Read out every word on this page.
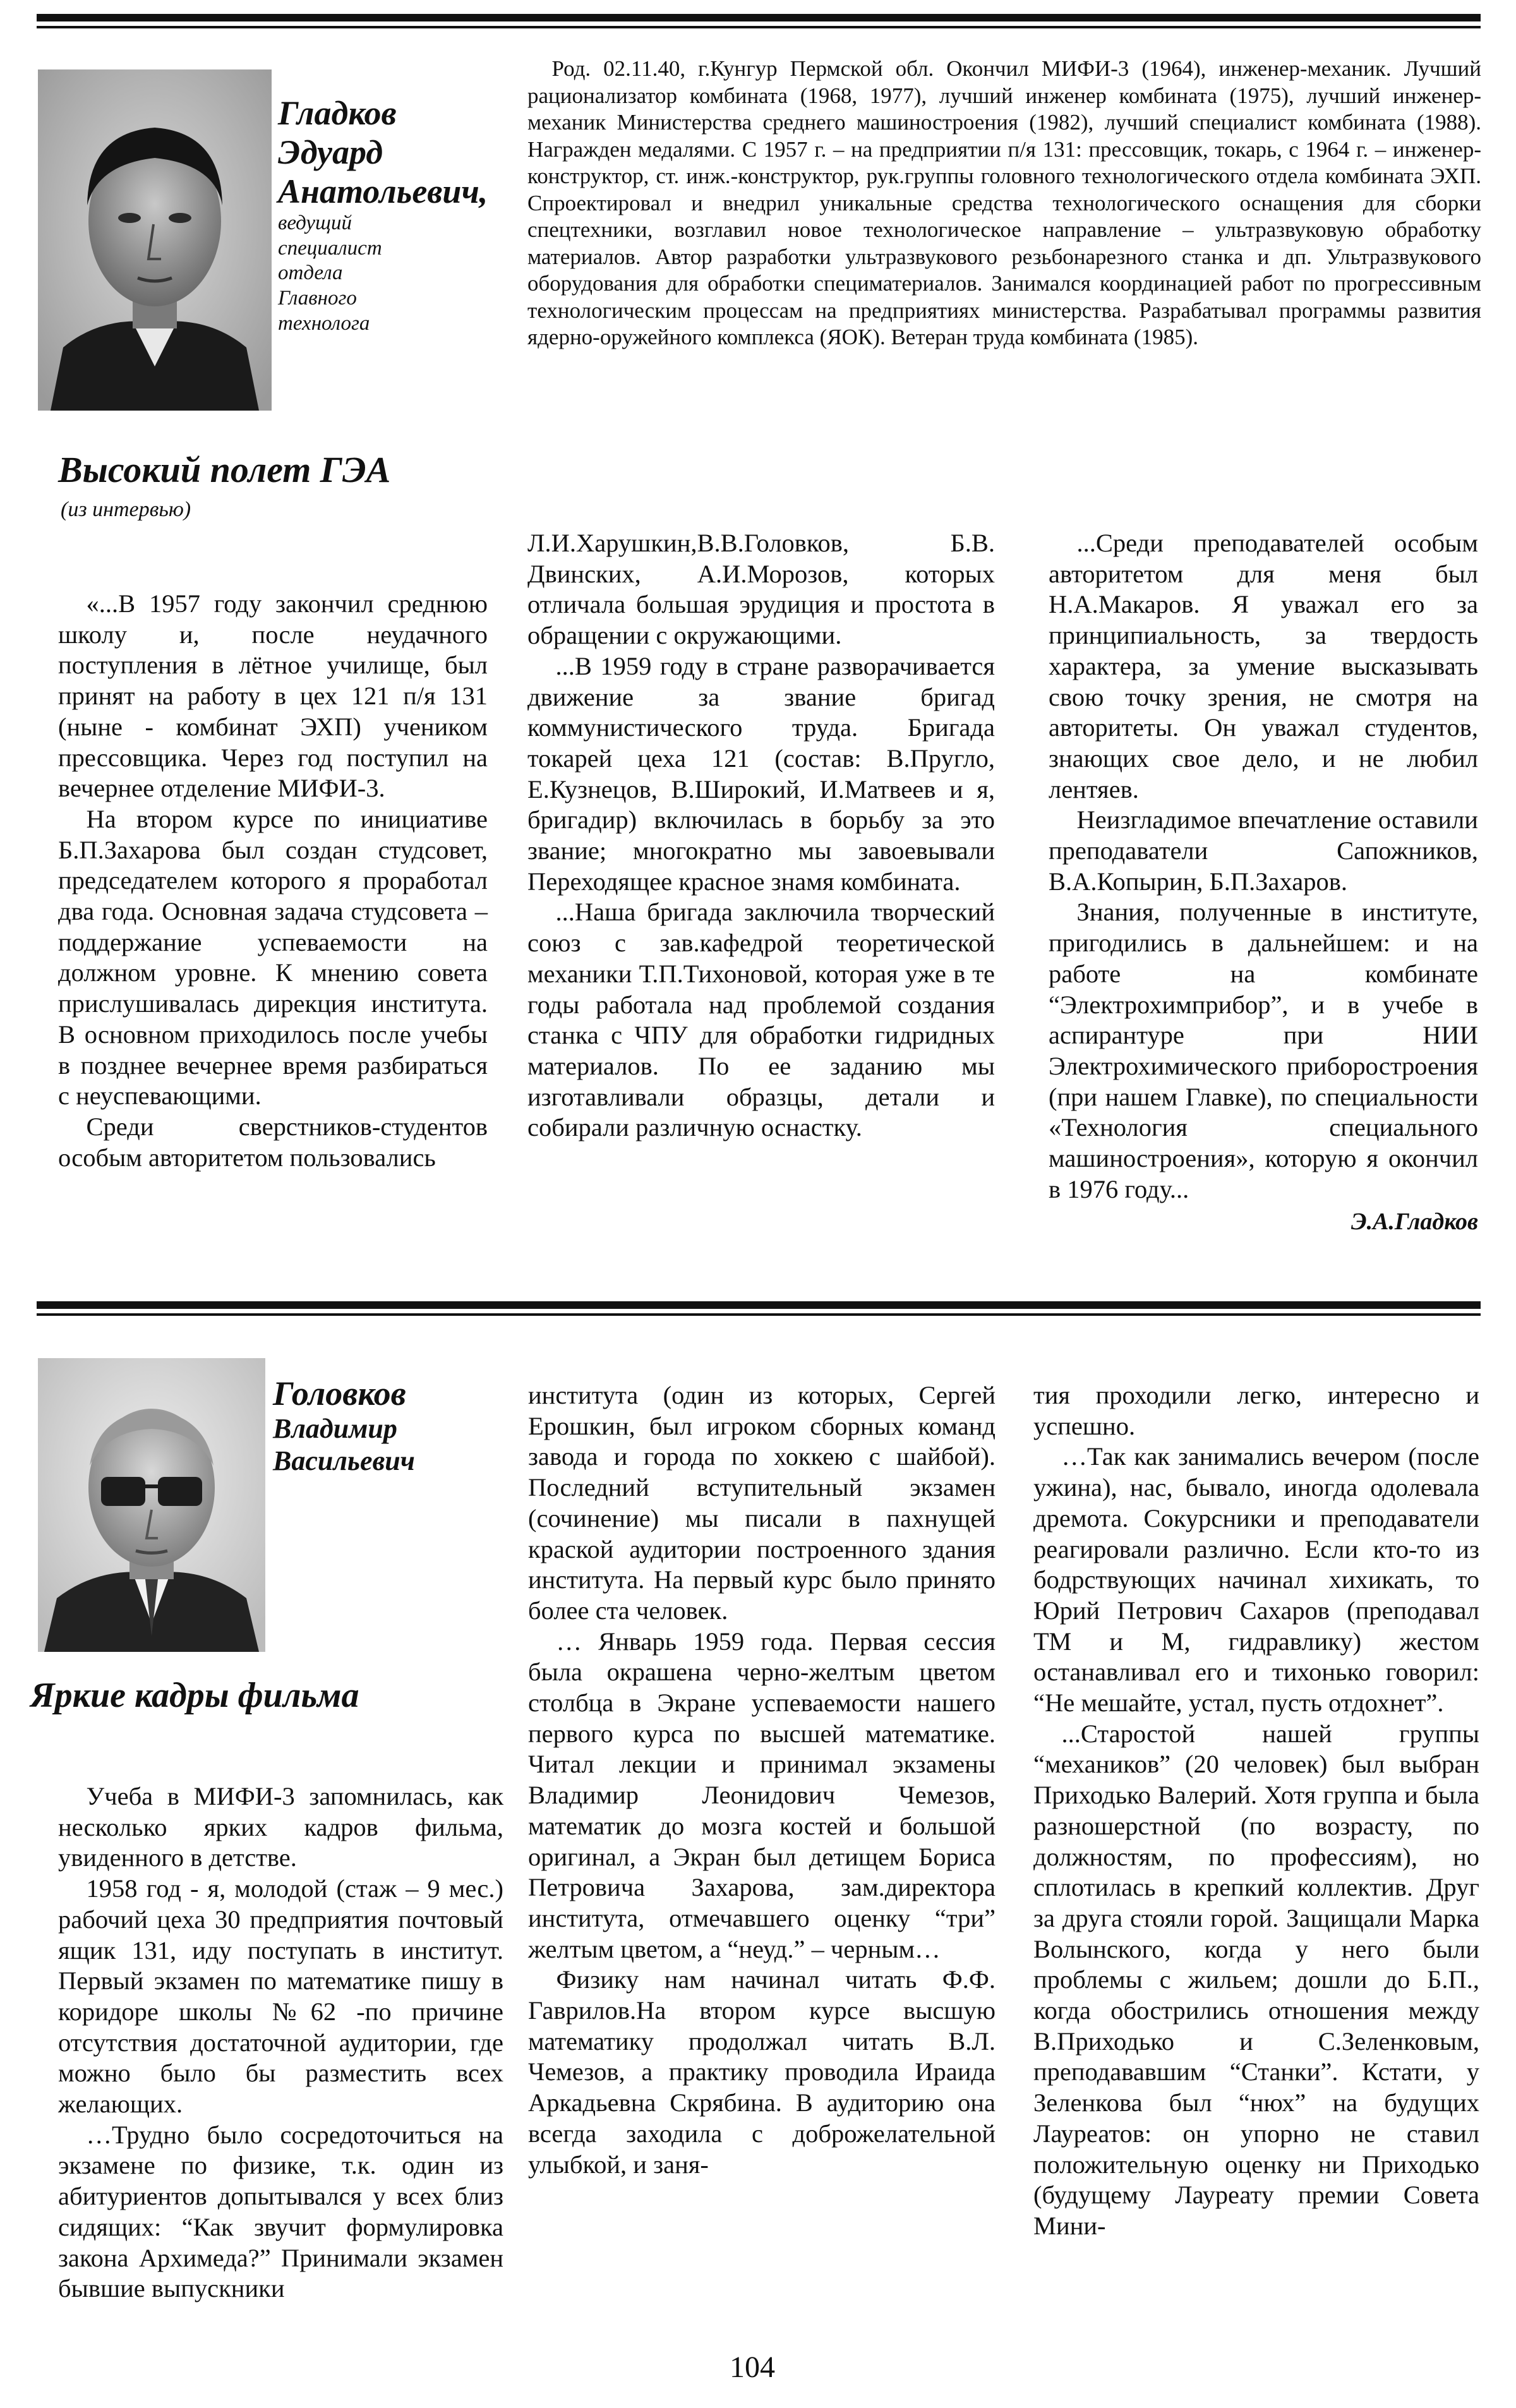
Гладков
Эдуард
Анатольевич,
ведущий
специалист
отдела
Главного
технолога
Высокий полет ГЭА
(из интервью)

Род. 02.11.40, г.Кунгур Пермской обл. Окончил МИФИ-3 (1964), инженер-механик. Лучший рационализатор комбината (1968, 1977), лучший инженер комбината (1975), лучший инженер-механик Министерства среднего машиностроения (1982), лучший специалист комбината (1988). Награжден медалями. С 1957 г. – на предприятии п/я 131: прессовщик, токарь, с 1964 г. – инженер-конструктор, ст. инж.-конструктор, рук.группы головного технологического отдела комбината ЭХП. Спроектировал и внедрил уникальные средства технологического оснащения для сборки спецтехники, возглавил новое технологическое направление – ультразвуковую обработку материалов. Автор разработки ультразвукового резьбонарезного станка и дп. Ультразвукового оборудования для обработки специматериалов. Занимался координацией работ по прогрессивным технологическим процессам на предприятиях министерства. Разрабатывал программы развития ядерно-оружейного комплекса (ЯОК). Ветеран труда комбината (1985).

«...В 1957 году закончил среднюю школу и, после неудачного поступления в лётное училище, был принят на работу в цех 121 п/я 131 (ныне - комбинат ЭХП) учеником прессовщика. Через год поступил на вечернее отделение МИФИ-3.

На втором курсе по инициативе Б.П.Захарова был создан студсовет, председателем которого я проработал два года. Основная задача студсовета – поддержание успеваемости на должном уровне. К мнению совета прислушивалась дирекция института. В основном приходилось после учебы в позднее вечернее время разбираться с неуспевающими.

Среди сверстников-студентов особым авторитетом пользовались

Л.И.Харушкин,В.В.Головков, Б.В. Двинских, А.И.Морозов, которых отличала большая эрудиция и простота в обращении с окружающими.

...В 1959 году в стране разворачивается движение за звание бригад коммунистического труда. Бригада токарей цеха 121 (состав: В.Пругло, Е.Кузнецов, В.Широкий, И.Матвеев и я, бригадир) включилась в борьбу за это звание; многократно мы завоевывали Переходящее красное знамя комбината.

...Наша бригада заключила творческий союз с зав.кафедрой теоретической механики Т.П.Тихоновой, которая уже в те годы работала над проблемой создания станка с ЧПУ для обработки гидридных материалов. По ее заданию мы изготавливали образцы, детали и собирали различную оснастку.

...Среди преподавателей особым авторитетом для меня был Н.А.Макаров. Я уважал его за принципиальность, за твердость характера, за умение высказывать свою точку зрения, не смотря на авторитеты. Он уважал студентов, знающих свое дело, и не любил лентяев.

Неизгладимое впечатление оставили преподаватели Сапожников, В.А.Копырин, Б.П.Захаров.

Знания, полученные в институте, пригодились в дальнейшем: и на работе на комбинате “Электрохимприбор”, и в учебе в аспирантуре при НИИ Электрохимического приборостроения (при нашем Главке), по специальности «Технология специального машиностроения», которую я окончил в 1976 году...

Э.А.Гладков
Головков
Владимир
Васильевич
Яркие кадры фильма

Учеба в МИФИ-3 запомнилась, как несколько ярких кадров фильма, увиденного в детстве.

1958 год - я, молодой (стаж – 9 мес.) рабочий цеха 30 предприятия почтовый ящик 131, иду поступать в институт. Первый экзамен по математике пишу в коридоре школы №62 -по причине отсутствия достаточной аудитории, где можно было бы разместить всех желающих.

…Трудно было сосредоточиться на экзамене по физике, т.к. один из абитуриентов допытывался у всех близ сидящих: “Как звучит формулировка закона Архимеда?” Принимали экзамен бывшие выпускники

института (один из которых, Сергей Ерошкин, был игроком сборных команд завода и города по хоккею с шайбой). Последний вступительный экзамен (сочинение) мы писали в пахнущей краской аудитории построенного здания института. На первый курс было принято более ста человек.

… Январь 1959 года. Первая сессия была окрашена черно-желтым цветом столбца в Экране успеваемости нашего первого курса по высшей математике. Читал лекции и принимал экзамены Владимир Леонидович Чемезов, математик до мозга костей и большой оригинал, а Экран был детищем Бориса Петровича Захарова, зам.директора института, отмечавшего оценку “три” желтым цветом, а “неуд.” – черным…

Физику нам начинал читать Ф.Ф. Гаврилов.На втором курсе высшую математику продолжал читать В.Л. Чемезов, а практику проводила Ираида Аркадьевна Скрябина. В аудиторию она всегда заходила с доброжелательной улыбкой, и заня-

тия проходили легко, интересно и успешно.

…Так как занимались вечером (после ужина), нас, бывало, иногда одолевала дремота. Сокурсники и преподаватели реагировали различно. Если кто-то из бодрствующих начинал хихикать, то Юрий Петрович Сахаров (преподавал ТМ и М, гидравлику) жестом останавливал его и тихонько говорил: “Не мешайте, устал, пусть отдохнет”.

...Старостой нашей группы “механиков” (20 человек) был выбран Приходько Валерий. Хотя группа и была разношерстной (по возрасту, по должностям, по профессиям), но сплотилась в крепкий коллектив. Друг за друга стояли горой. Защищали Марка Волынского, когда у него были проблемы с жильем; дошли до Б.П., когда обострились отношения между В.Приходько и С.Зеленковым, преподававшим “Станки”. Кстати, у Зеленкова был “нюх” на будущих Лауреатов: он упорно не ставил положительную оценку ни Приходько (будущему Лауреату премии Совета Мини-

104
